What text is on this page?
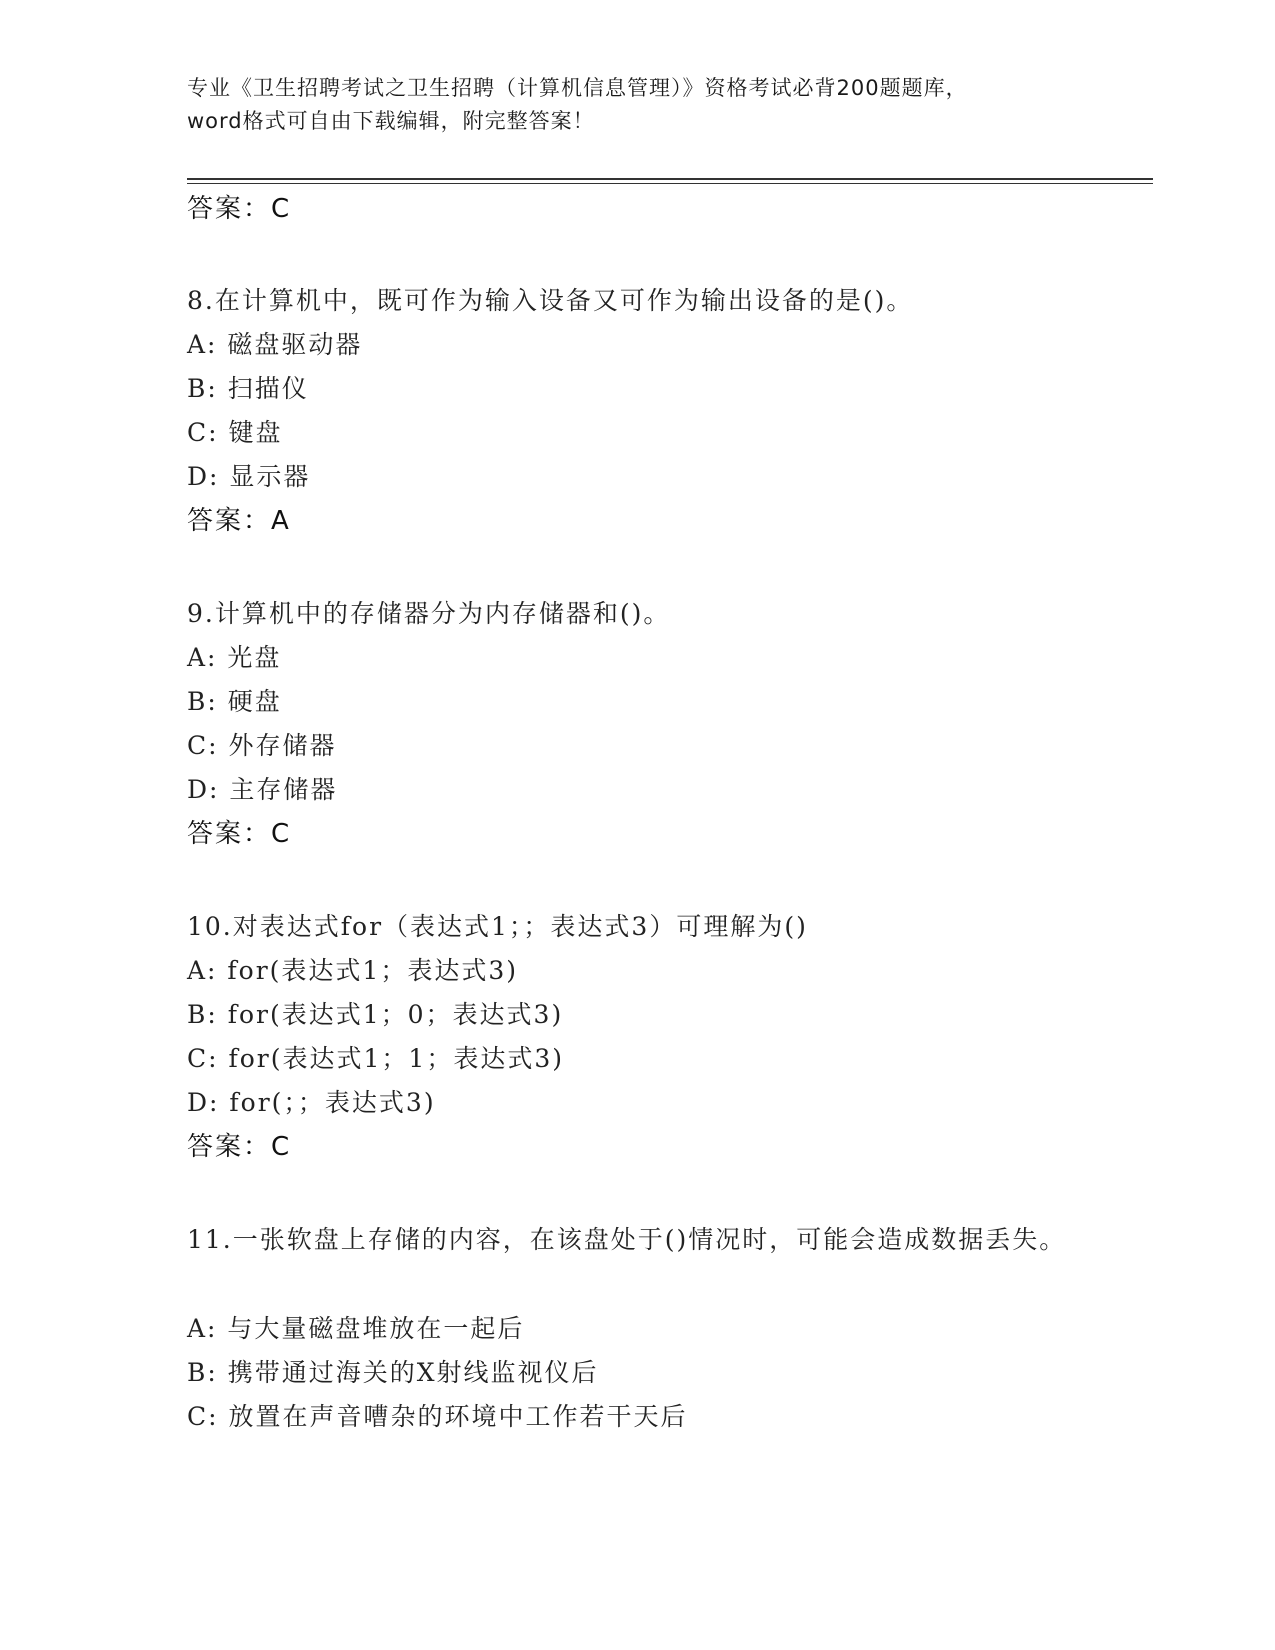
专业《卫生招聘考试之卫生招聘（计算机信息管理）》资格考试必背200题题库，
word格式可自由下载编辑，附完整答案！
答案：C
8.在计算机中，既可作为输入设备又可作为输出设备的是()。
A: 磁盘驱动器
B: 扫描仪
C: 键盘
D: 显示器
答案：A
9.计算机中的存储器分为内存储器和()。
A: 光盘
B: 硬盘
C: 外存储器
D: 主存储器
答案：C
10.对表达式for（表达式1；；表达式3）可理解为()
A: for(表达式1；表达式3)
B: for(表达式1；0；表达式3)
C: for(表达式1；1；表达式3)
D: for(；；表达式3)
答案：C
11.一张软盘上存储的内容，在该盘处于()情况时，可能会造成数据丢失。
A: 与大量磁盘堆放在一起后
B: 携带通过海关的X射线监视仪后
C: 放置在声音嘈杂的环境中工作若干天后
